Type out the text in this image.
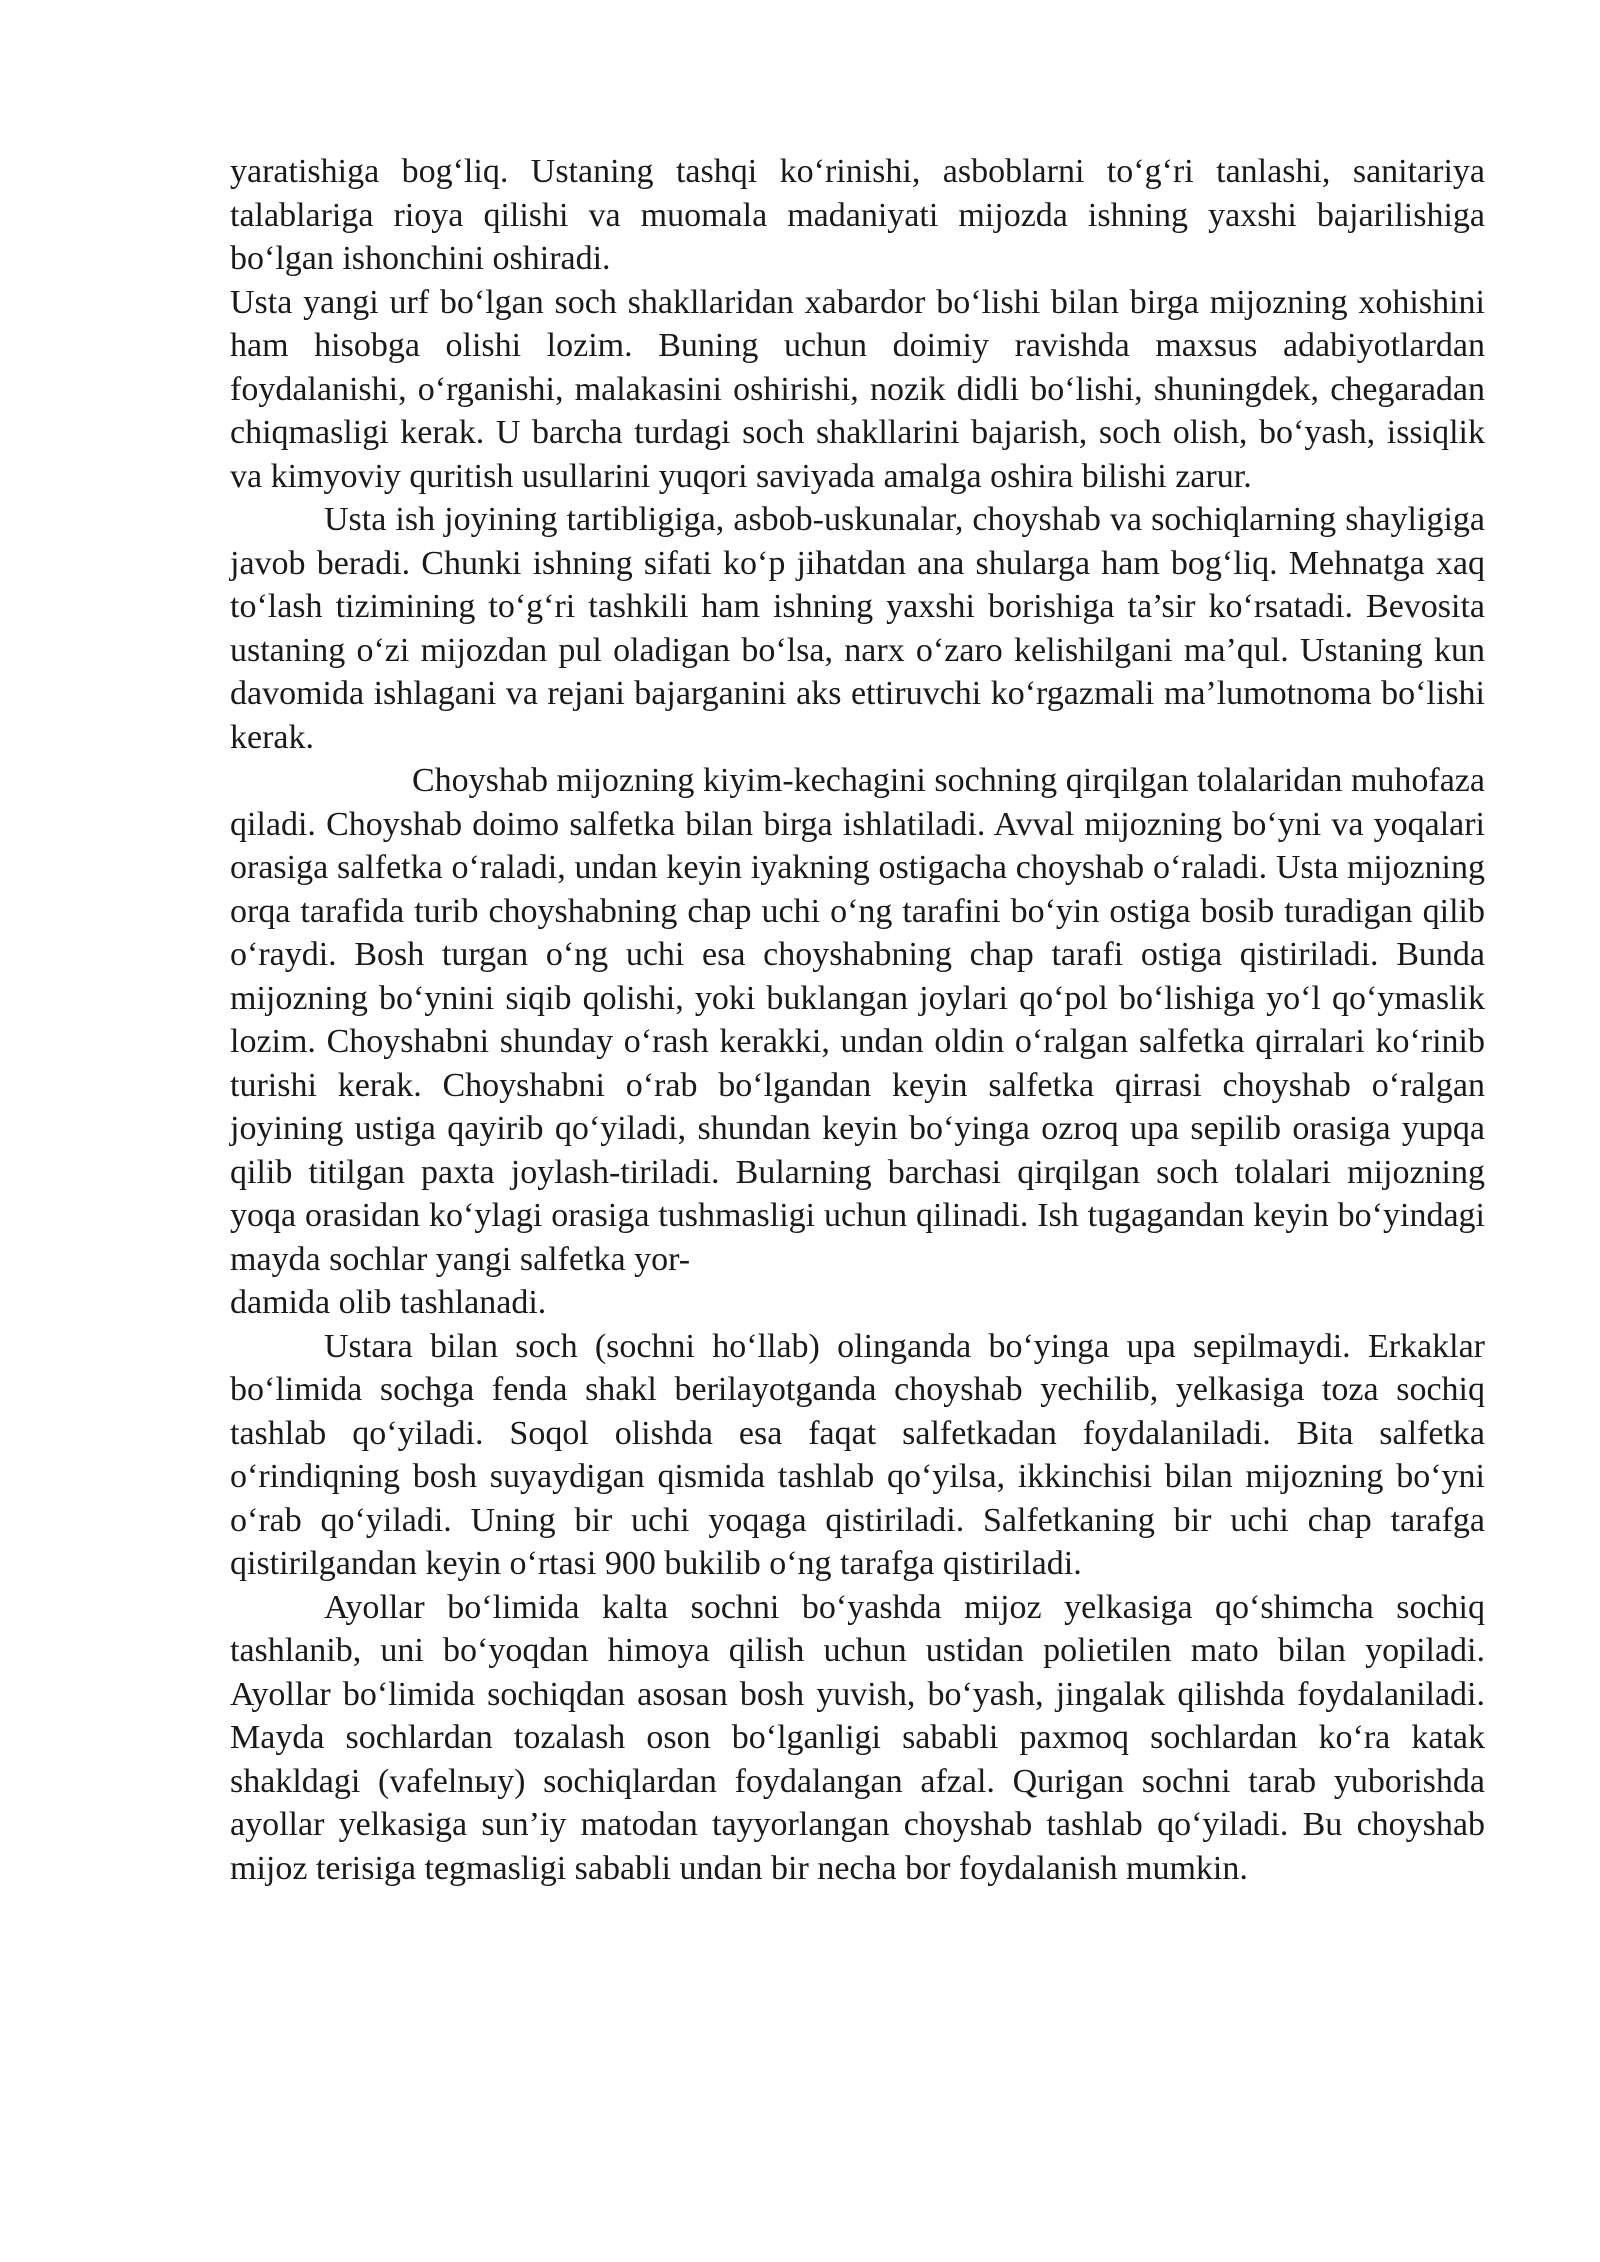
yaratishiga bog‘liq. Ustaning tashqi ko‘rinishi, asboblarni to‘g‘ri tanlashi, sanitariya talablariga rioya qilishi va muomala madaniyati mijozda ishning yaxshi bajarilishiga bo‘lgan ishonchini oshiradi.

Usta yangi urf bo‘lgan soch shakllaridan xabardor bo‘lishi bilan birga mijozning xohishini ham hisobga olishi lozim. Buning uchun doimiy ravishda maxsus adabiyotlardan foydalanishi, o‘rganishi, malakasini oshirishi, nozik didli bo‘lishi, shuningdek, chegaradan chiqmasligi kerak. U barcha turdagi soch shakllarini bajarish, soch olish, bo‘yash, issiqlik va kimyoviy quritish usullarini yuqori saviyada amalga oshira bilishi zarur.

Usta ish joyining tartibligiga, asbob-uskunalar, choyshab va sochiqlarning shayligiga javob beradi. Chunki ishning sifati ko‘p jihatdan ana shularga ham bog‘liq. Mehnatga xaq to‘lash tizimining to‘g‘ri tashkili ham ishning yaxshi borishiga ta’sir ko‘rsatadi. Bevosita ustaning o‘zi mijozdan pul oladigan bo‘lsa, narx o‘zaro kelishilgani ma’qul. Ustaning kun davomida ishlagani va rejani bajarganini aks ettiruvchi ko‘rgazmali ma’lumotnoma bo‘lishi kerak.

Choyshab mijozning kiyim-kechagini sochning qirqilgan tolalaridan muhofaza qiladi. Choyshab doimo salfetka bilan birga ishlatiladi. Avval mijozning bo‘yni va yoqalari orasiga salfetka o‘raladi, undan keyin iyakning ostigacha choyshab o‘raladi. Usta mijozning orqa tarafida turib choyshabning chap uchi o‘ng tarafini bo‘yin ostiga bosib turadigan qilib o‘raydi. Bosh turgan o‘ng uchi esa choyshabning chap tarafi ostiga qistiriladi. Bunda mijozning bo‘ynini siqib qolishi, yoki buklangan joylari qo‘pol bo‘lishiga yo‘l qo‘ymaslik lozim. Choyshabni shunday o‘rash kerakki, undan oldin o‘ralgan salfetka qirralari ko‘rinib turishi kerak. Choyshabni o‘rab bo‘lgandan keyin salfetka qirrasi choyshab o‘ralgan joyining ustiga qayirib qo‘yiladi, shundan keyin bo‘yinga ozroq upa sepilib orasiga yupqa qilib titilgan paxta joylash-tiriladi. Bularning barchasi qirqilgan soch tolalari mijozning yoqa orasidan ko‘ylagi orasiga tushmasligi uchun qilinadi. Ish tugagandan keyin bo‘yindagi mayda sochlar yangi salfetka yor-
damida olib tashlanadi.

Ustara bilan soch (sochni ho‘llab) olinganda bo‘yinga upa sepilmaydi. Erkaklar bo‘limida sochga fenda shakl berilayotganda choyshab yechilib, yelkasiga toza sochiq tashlab qo‘yiladi. Soqol olishda esa faqat salfetkadan foydalaniladi. Bita salfetka o‘rindiqning bosh suyaydigan qismida tashlab qo‘yilsa, ikkinchisi bilan mijozning bo‘yni o‘rab qo‘yiladi. Uning bir uchi yoqaga qistiriladi. Salfetkaning bir uchi chap tarafga qistirilgandan keyin o‘rtasi 900 bukilib o‘ng tarafga qistiriladi.

Ayollar bo‘limida kalta sochni bo‘yashda mijoz yelkasiga qo‘shimcha sochiq tashlanib, uni bo‘yoqdan himoya qilish uchun ustidan polietilen mato bilan yopiladi. Ayollar bo‘limida sochiqdan asosan bosh yuvish, bo‘yash, jingalak qilishda foydalaniladi. Mayda sochlardan tozalash oson bo‘lganligi sababli paxmoq sochlardan ko‘ra katak shakldagi (vafelnыy) sochiqlardan foydalangan afzal. Qurigan sochni tarab yuborishda ayollar yelkasiga sun’iy matodan tayyorlangan choyshab tashlab qo‘yiladi. Bu choyshab mijoz terisiga tegmasligi sababli undan bir necha bor foydalanish mumkin.
